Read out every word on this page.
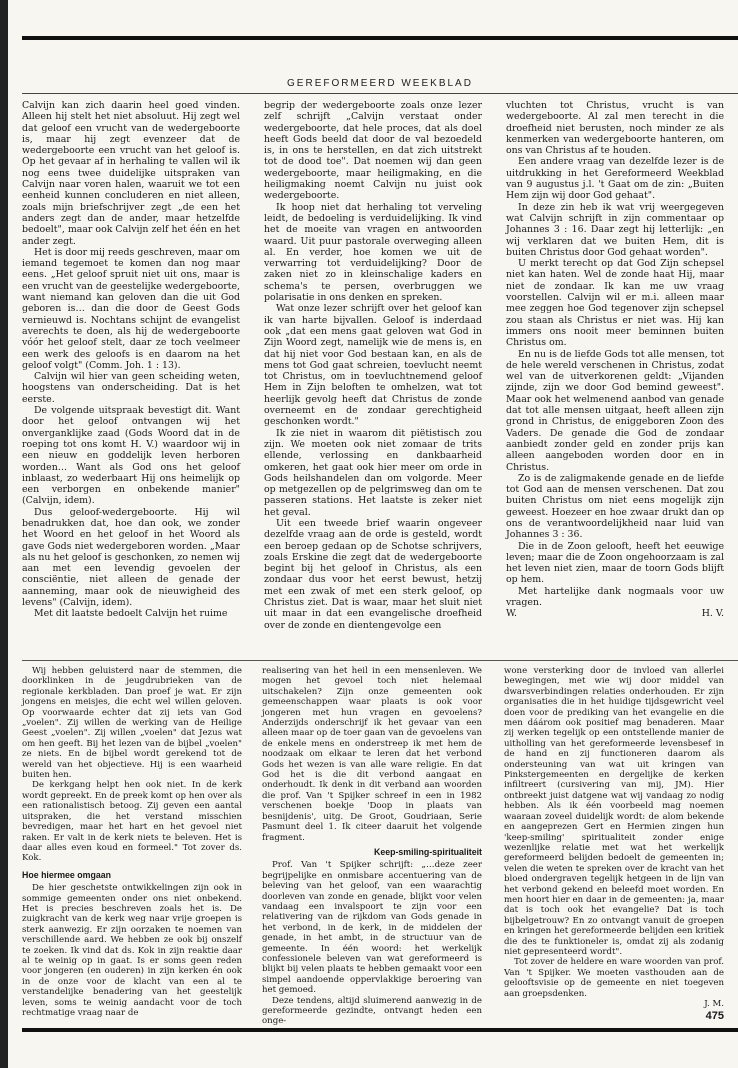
GEREFORMEERD WEEKBLAD

Calvijn kan zich daarin heel goed vinden. Alleen hij stelt het niet absoluut. Hij zegt wel dat geloof een vrucht van de wedergeboorte is, maar hij zegt evenzeer dat de wedergeboorte een vrucht van het geloof is. Op het gevaar af in herhaling te vallen wil ik nog eens twee duidelijke uitspraken van Calvijn naar voren halen, waaruit we tot een eenheid kunnen concluderen en niet alleen, zoals mijn briefschrijver zegt „de een het anders zegt dan de ander, maar hetzelfde bedoelt", maar ook Calvijn zelf het één en het ander zegt.

Het is door mij reeds geschreven, maar om iemand tegemoet te komen dan nog maar eens. „Het geloof spruit niet uit ons, maar is een vrucht van de geestelijke wedergeboorte, want niemand kan geloven dan die uit God geboren is… dan die door de Geest Gods vernieuwd is. Nochtans schijnt de evangelist averechts te doen, als hij de wedergeboorte vóór het geloof stelt, daar ze toch veelmeer een werk des geloofs is en daarom na het geloof volgt" (Comm. Joh. 1 : 13).

Calvijn wil hier van geen scheiding weten, hoogstens van onderscheiding. Dat is het eerste.

De volgende uitspraak bevestigt dit. Want door het geloof ontvangen wij het onverganklijke zaad (Gods Woord dat in de roeping tot ons komt H. V.) waardoor wij in een nieuw en goddelijk leven herboren worden… Want als God ons het geloof inblaast, zo wederbaart Hij ons heimelijk op een verborgen en onbekende manier" (Calvijn, idem).

Dus geloof-wedergeboorte. Hij wil benadrukken dat, hoe dan ook, we zonder het Woord en het geloof in het Woord als gave Gods niet wedergeboren worden. „Maar als nu het geloof is geschonken, zo nemen wij aan met een levendig gevoelen der consciëntie, niet alleen de genade der aanneming, maar ook de nieuwigheid des levens" (Calvijn, idem).

Met dit laatste bedoelt Calvijn het ruime

begrip der wedergeboorte zoals onze lezer zelf schrijft „Calvijn verstaat onder wedergeboorte, dat hele proces, dat als doel heeft Gods beeld dat door de val bezoedeld is, in ons te herstellen, en dat zich uitstrekt tot de dood toe". Dat noemen wij dan geen wedergeboorte, maar heiligmaking, en die heiligmaking noemt Calvijn nu juist ook wedergeboorte.

Ik hoop niet dat herhaling tot verveling leidt, de bedoeling is verduidelijking. Ik vind het de moeite van vragen en antwoorden waard. Uit puur pastorale overweging alleen al. En verder, hoe komen we uit de verwarring tot verduidelijking? Door de zaken niet zo in kleinschalige kaders en schema's te persen, overbruggen we polarisatie in ons denken en spreken.

Wat onze lezer schrijft over het geloof kan ik van harte bijvallen. Geloof is inderdaad ook „dat een mens gaat geloven wat God in Zijn Woord zegt, namelijk wie de mens is, en dat hij niet voor God bestaan kan, en als de mens tot God gaat schreien, toevlucht neemt tot Christus, om in toevluchtnemend geloof Hem in Zijn beloften te omhelzen, wat tot heerlijk gevolg heeft dat Christus de zonde overneemt en de zondaar gerechtigheid geschonken wordt."

Ik zie niet in waarom dit piëtistisch zou zijn. We moeten ook niet zomaar de trits ellende, verlossing en dankbaarheid omkeren, het gaat ook hier meer om orde in Gods heilshandelen dan om volgorde. Meer op metgezellen op de pelgrimsweg dan om te passeren stations. Het laatste is zeker niet het geval.

Uit een tweede brief waarin ongeveer dezelfde vraag aan de orde is gesteld, wordt een beroep gedaan op de Schotse schrijvers, zoals Erskine die zegt dat de wedergeboorte begint bij het geloof in Christus, als een zondaar dus voor het eerst bewust, hetzij met een zwak of met een sterk geloof, op Christus ziet. Dat is waar, maar het sluit niet uit maar in dat een evangelische droefheid over de zonde en dientengevolge een

vluchten tot Christus, vrucht is van wedergeboorte. Al zal men terecht in die droefheid niet berusten, noch minder ze als kenmerken van wedergeboorte hanteren, om ons van Christus af te houden.

Een andere vraag van dezelfde lezer is de uitdrukking in het Gereformeerd Weekblad van 9 augustus j.l. 't Gaat om de zin: „Buiten Hem zijn wij door God gehaat".

In deze zin heb ik wat vrij weergegeven wat Calvijn schrijft in zijn commentaar op Johannes 3 : 16. Daar zegt hij letterlijk: „en wij verklaren dat we buiten Hem, dit is buiten Christus door God gehaat worden".

U merkt terecht op dat God Zijn schepsel niet kan haten. Wel de zonde haat Hij, maar niet de zondaar. Ik kan me uw vraag voorstellen. Calvijn wil er m.i. alleen maar mee zeggen hoe God tegenover zijn schepsel zou staan als Christus er niet was. Hij kan immers ons nooit meer beminnen buiten Christus om.

En nu is de liefde Gods tot alle mensen, tot de hele wereld verschenen in Christus, zodat wel van de uitverkorenen geldt: „Vijanden zijnde, zijn we door God bemind geweest". Maar ook het welmenend aanbod van genade dat tot alle mensen uitgaat, heeft alleen zijn grond in Christus, de eniggeboren Zoon des Vaders. De genade die God de zondaar aanbiedt zonder geld en zonder prijs kan alleen aangeboden worden door en in Christus.

Zo is de zaligmakende genade en de liefde tot God aan de mensen verschenen. Dat zou buiten Christus om niet eens mogelijk zijn geweest. Hoezeer en hoe zwaar drukt dan op ons de verantwoordelijkheid naar luid van Johannes 3 : 36.

Die in de Zoon gelooft, heeft het eeuwige leven; maar die de Zoon ongehoorzaam is zal het leven niet zien, maar de toorn Gods blijft op hem.

Met hartelijke dank nogmaals voor uw vragen.

W.	H. V.

Wij hebben geluisterd naar de stemmen, die doorklinken in de jeugdrubrieken van de regionale kerkbladen. Dan proef je wat. Er zijn jongens en meisjes, die echt wel willen geloven. Op voorwaarde echter dat zij iets van God „voelen". Zij willen de werking van de Heilige Geest „voelen". Zij willen „voelen" dat Jezus wat om hen geeft. Bij het lezen van de bijbel „voelen" ze niets. En de bijbel wordt gerekend tot de wereld van het objectieve. Hij is een waarheid buiten hen.

De kerkgang helpt hen ook niet. In de kerk wordt gepreekt. En de preek komt op hen over als een rationalistisch betoog. Zij geven een aantal uitspraken, die het verstand misschien bevredigen, maar het hart en het gevoel niet raken. Er valt in de kerk niets te beleven. Het is daar alles even koud en formeel." Tot zover ds. Kok.

Hoe hiermee omgaan

De hier geschetste ontwikkelingen zijn ook in sommige gemeenten onder ons niet onbekend. Het is precies beschreven zoals het is. De zuigkracht van de kerk weg naar vrije groepen is sterk aanwezig. Er zijn oorzaken te noemen van verschillende aard. We hebben ze ook bij onszelf te zoeken. Ik vind dat ds. Kok in zijn reaktie daar al te weinig op in gaat. Is er soms geen reden voor jongeren (en ouderen) in zijn kerken én ook in de onze voor de klacht van een al te verstandelijke benadering van het geestelijk leven, soms te weinig aandacht voor de toch rechtmatige vraag naar de

realisering van het heil in een mensenleven. We mogen het gevoel toch niet helemaal uitschakelen? Zijn onze gemeenten ook gemeenschappen waar plaats is ook voor jongeren met hun vragen en gevoelens? Anderzijds onderschrijf ik het gevaar van een alleen maar op de toer gaan van de gevoelens van de enkele mens en onderstreep ik met hem de noodzaak om elkaar te leren dat het verbond Gods het wezen is van alle ware religie. En dat God het is die dit verbond aangaat en onderhoudt. Ik denk in dit verband aan woorden die prof. Van 't Spijker schreef in een in 1982 verschenen boekje 'Doop in plaats van besnijdenis', uitg. De Groot, Goudriaan, Serie Pasmunt deel 1. Ik citeer daaruit het volgende fragment.

Keep-smiling-spiritualiteit

Prof. Van 't Spijker schrijft: „…deze zeer begrijpelijke en onmisbare accentuering van de beleving van het geloof, van een waarachtig doorleven van zonde en genade, blijkt voor velen vandaag een invalspoort te zijn voor een relativering van de rijkdom van Gods genade in het verbond, in de kerk, in de middelen der genade, in het ambt, in de structuur van de gemeente. In één woord: het werkelijk confessionele beleven van wat gereformeerd is blijkt bij velen plaats te hebben gemaakt voor een simpel aandoende oppervlakkige beroering van het gemoed.

Deze tendens, altijd sluimerend aanwezig in de gereformeerde gezindte, ontvangt heden een onge-

wone versterking door de invloed van allerlei bewegingen, met wie wij door middel van dwarsverbindingen relaties onderhouden. Er zijn organisaties die in het huidige tijdsgewricht veel doen voor de prediking van het evangelie en die men dáárom ook positief mag benaderen. Maar zij werken tegelijk op een ontstellende manier de uitholling van het gereformeerde levensbesef in de hand en zij functioneren daarom als ondersteuning van wat uit kringen van Pinkstergemeenten en dergelijke de kerken infiltreert (cursivering van mij, JM). Hier ontbreekt juist datgene wat wij vandaag zo nodig hebben. Als ik één voorbeeld mag noemen waaraan zoveel duidelijk wordt: de alom bekende en aangeprezen Gert en Hermien zingen hun 'keep-smiling' spiritualiteit zonder enige wezenlijke relatie met wat het werkelijk gereformeerd belijden bedoelt de gemeenten in; velen die weten te spreken over de kracht van het bloed ondergraven tegelijk hetgeen in de lijn van het verbond gekend en beleefd moet worden. En men hoort hier en daar in de gemeenten: ja, maar dat is toch ook het evangelie? Dat is toch bijbelgetrouw? En zo ontvangt vanuit de groepen en kringen het gereformeerde belijden een kritiek die des te funktioneler is, omdat zij als zodanig niet gepresenteerd wordt".

Tot zover de heldere en ware woorden van prof. Van 't Spijker. We moeten vasthouden aan de gelooftsvisie op de gemeente en niet toegeven aan groepsdenken.

J. M.

475
